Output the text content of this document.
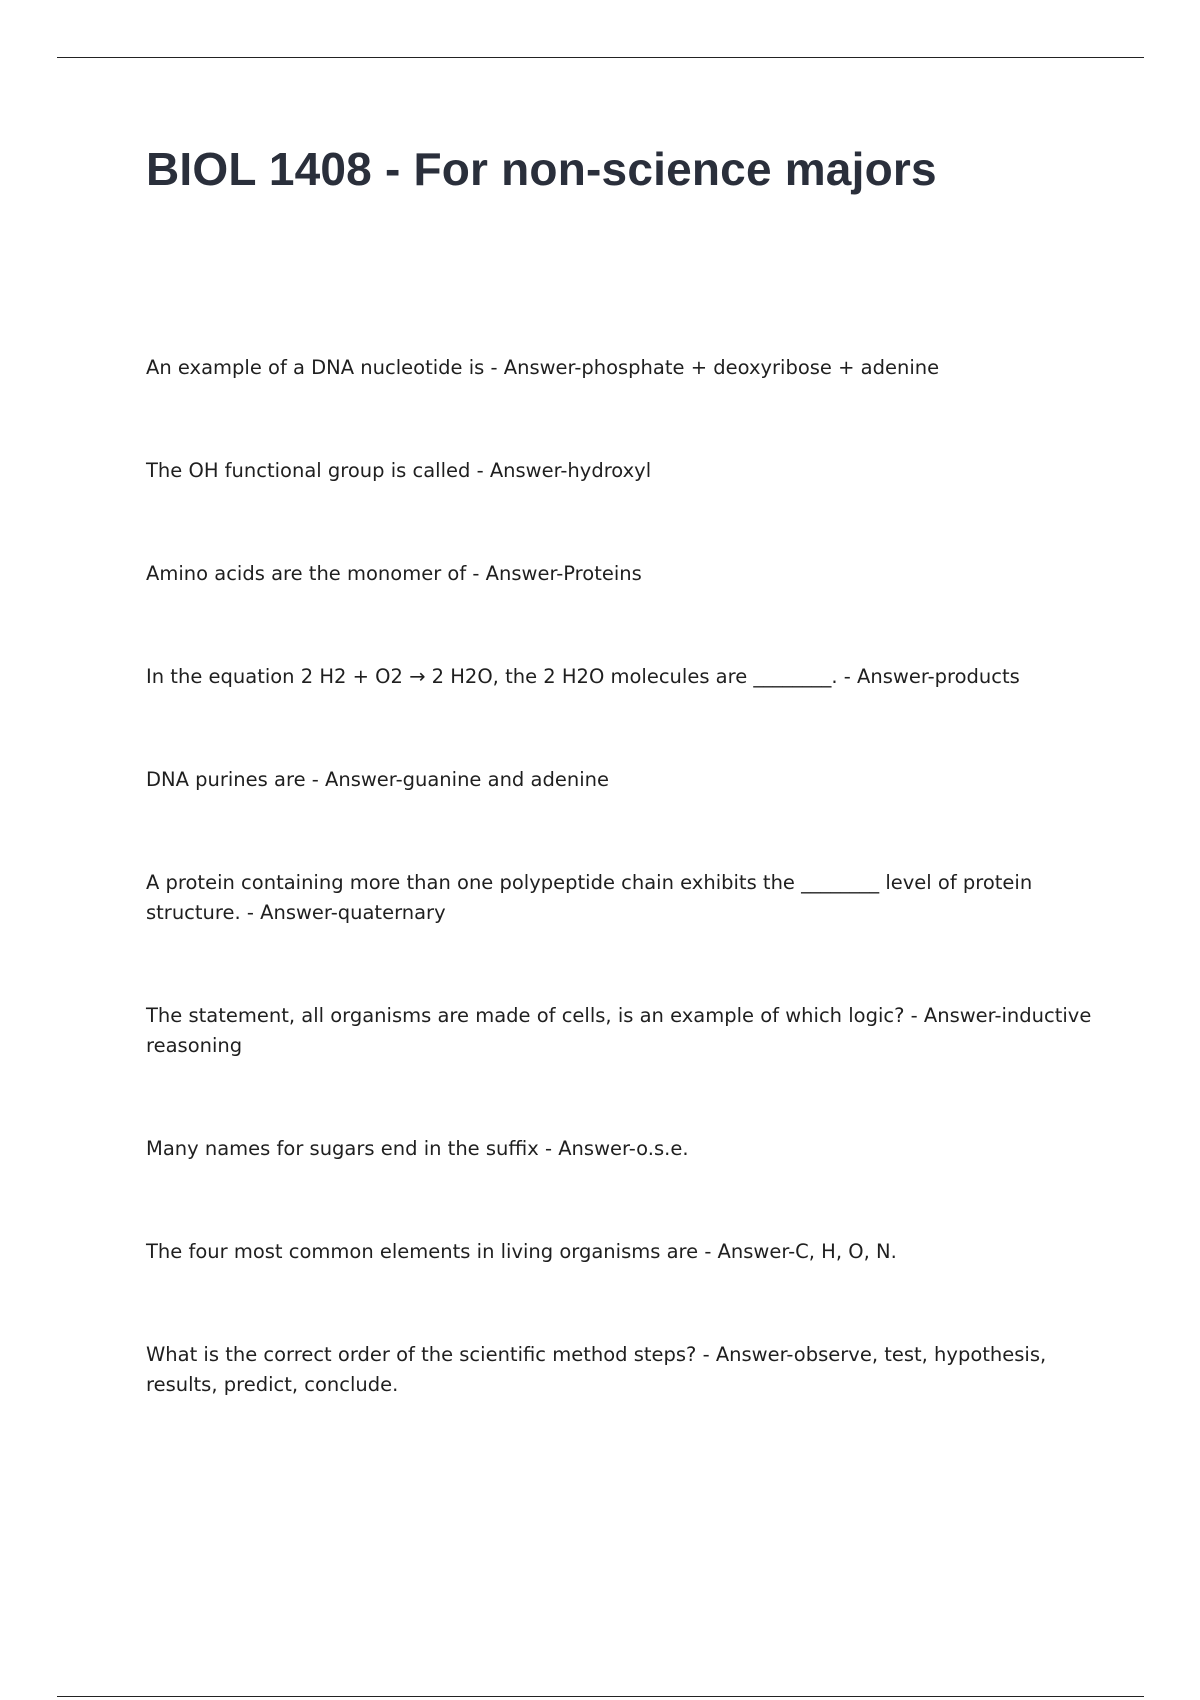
BIOL 1408 - For non-science majors

An example of a DNA nucleotide is - Answer-phosphate + deoxyribose + adenine

The OH functional group is called - Answer-hydroxyl

Amino acids are the monomer of - Answer-Proteins

In the equation 2 H2 + O2 → 2 H2O, the 2 H2O molecules are ________. - Answer-products

DNA purines are - Answer-guanine and adenine

A protein containing more than one polypeptide chain exhibits the ________ level of protein structure. - Answer-quaternary

The statement, all organisms are made of cells, is an example of which logic? - Answer-inductive reasoning

Many names for sugars end in the suffix - Answer-o.s.e.

The four most common elements in living organisms are - Answer-C, H, O, N.

What is the correct order of the scientific method steps? - Answer-observe, test, hypothesis, results, predict, conclude.
